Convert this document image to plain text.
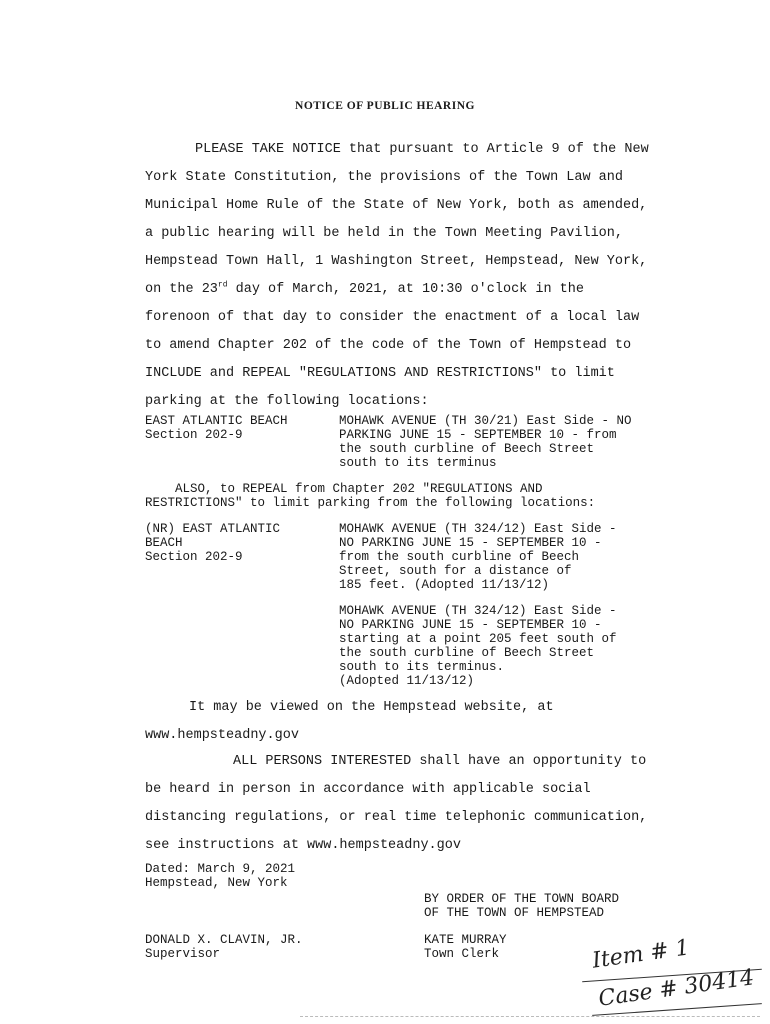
NOTICE OF PUBLIC HEARING
PLEASE TAKE NOTICE that pursuant to Article 9 of the New
York State Constitution, the provisions of the Town Law and
Municipal Home Rule of the State of New York, both as amended,
a public hearing will be held in the Town Meeting Pavilion,
Hempstead Town Hall, 1 Washington Street, Hempstead, New York,
on the 23rd day of March, 2021, at 10:30 o'clock in the
forenoon of that day to consider the enactment of a local law
to amend Chapter 202 of the code of the Town of Hempstead to
INCLUDE and REPEAL "REGULATIONS AND RESTRICTIONS" to limit
parking at the following locations:
EAST ATLANTIC BEACH
Section 202-9
MOHAWK AVENUE (TH 30/21) East Side - NO
PARKING JUNE 15 - SEPTEMBER 10 - from
the south curbline of Beech Street
south to its terminus
ALSO, to REPEAL from Chapter 202 "REGULATIONS AND
RESTRICTIONS" to limit parking from the following locations:
(NR) EAST ATLANTIC
BEACH
Section 202-9
MOHAWK AVENUE (TH 324/12) East Side -
NO PARKING JUNE 15 - SEPTEMBER 10 -
from the south curbline of Beech
Street, south for a distance of
185 feet. (Adopted 11/13/12)
MOHAWK AVENUE (TH 324/12) East Side -
NO PARKING JUNE 15 - SEPTEMBER 10 -
starting at a point 205 feet south of
the south curbline of Beech Street
south to its terminus.
(Adopted 11/13/12)
It may be viewed on the Hempstead website, at
www.hempsteadny.gov
ALL PERSONS INTERESTED shall have an opportunity to
be heard in person in accordance with applicable social
distancing regulations, or real time telephonic communication,
see instructions at www.hempsteadny.gov
Dated: March 9, 2021
Hempstead, New York
BY ORDER OF THE TOWN BOARD
OF THE TOWN OF HEMPSTEAD
DONALD X. CLAVIN, JR.
Supervisor
KATE MURRAY
Town Clerk	Item # 1
Case # 30414
